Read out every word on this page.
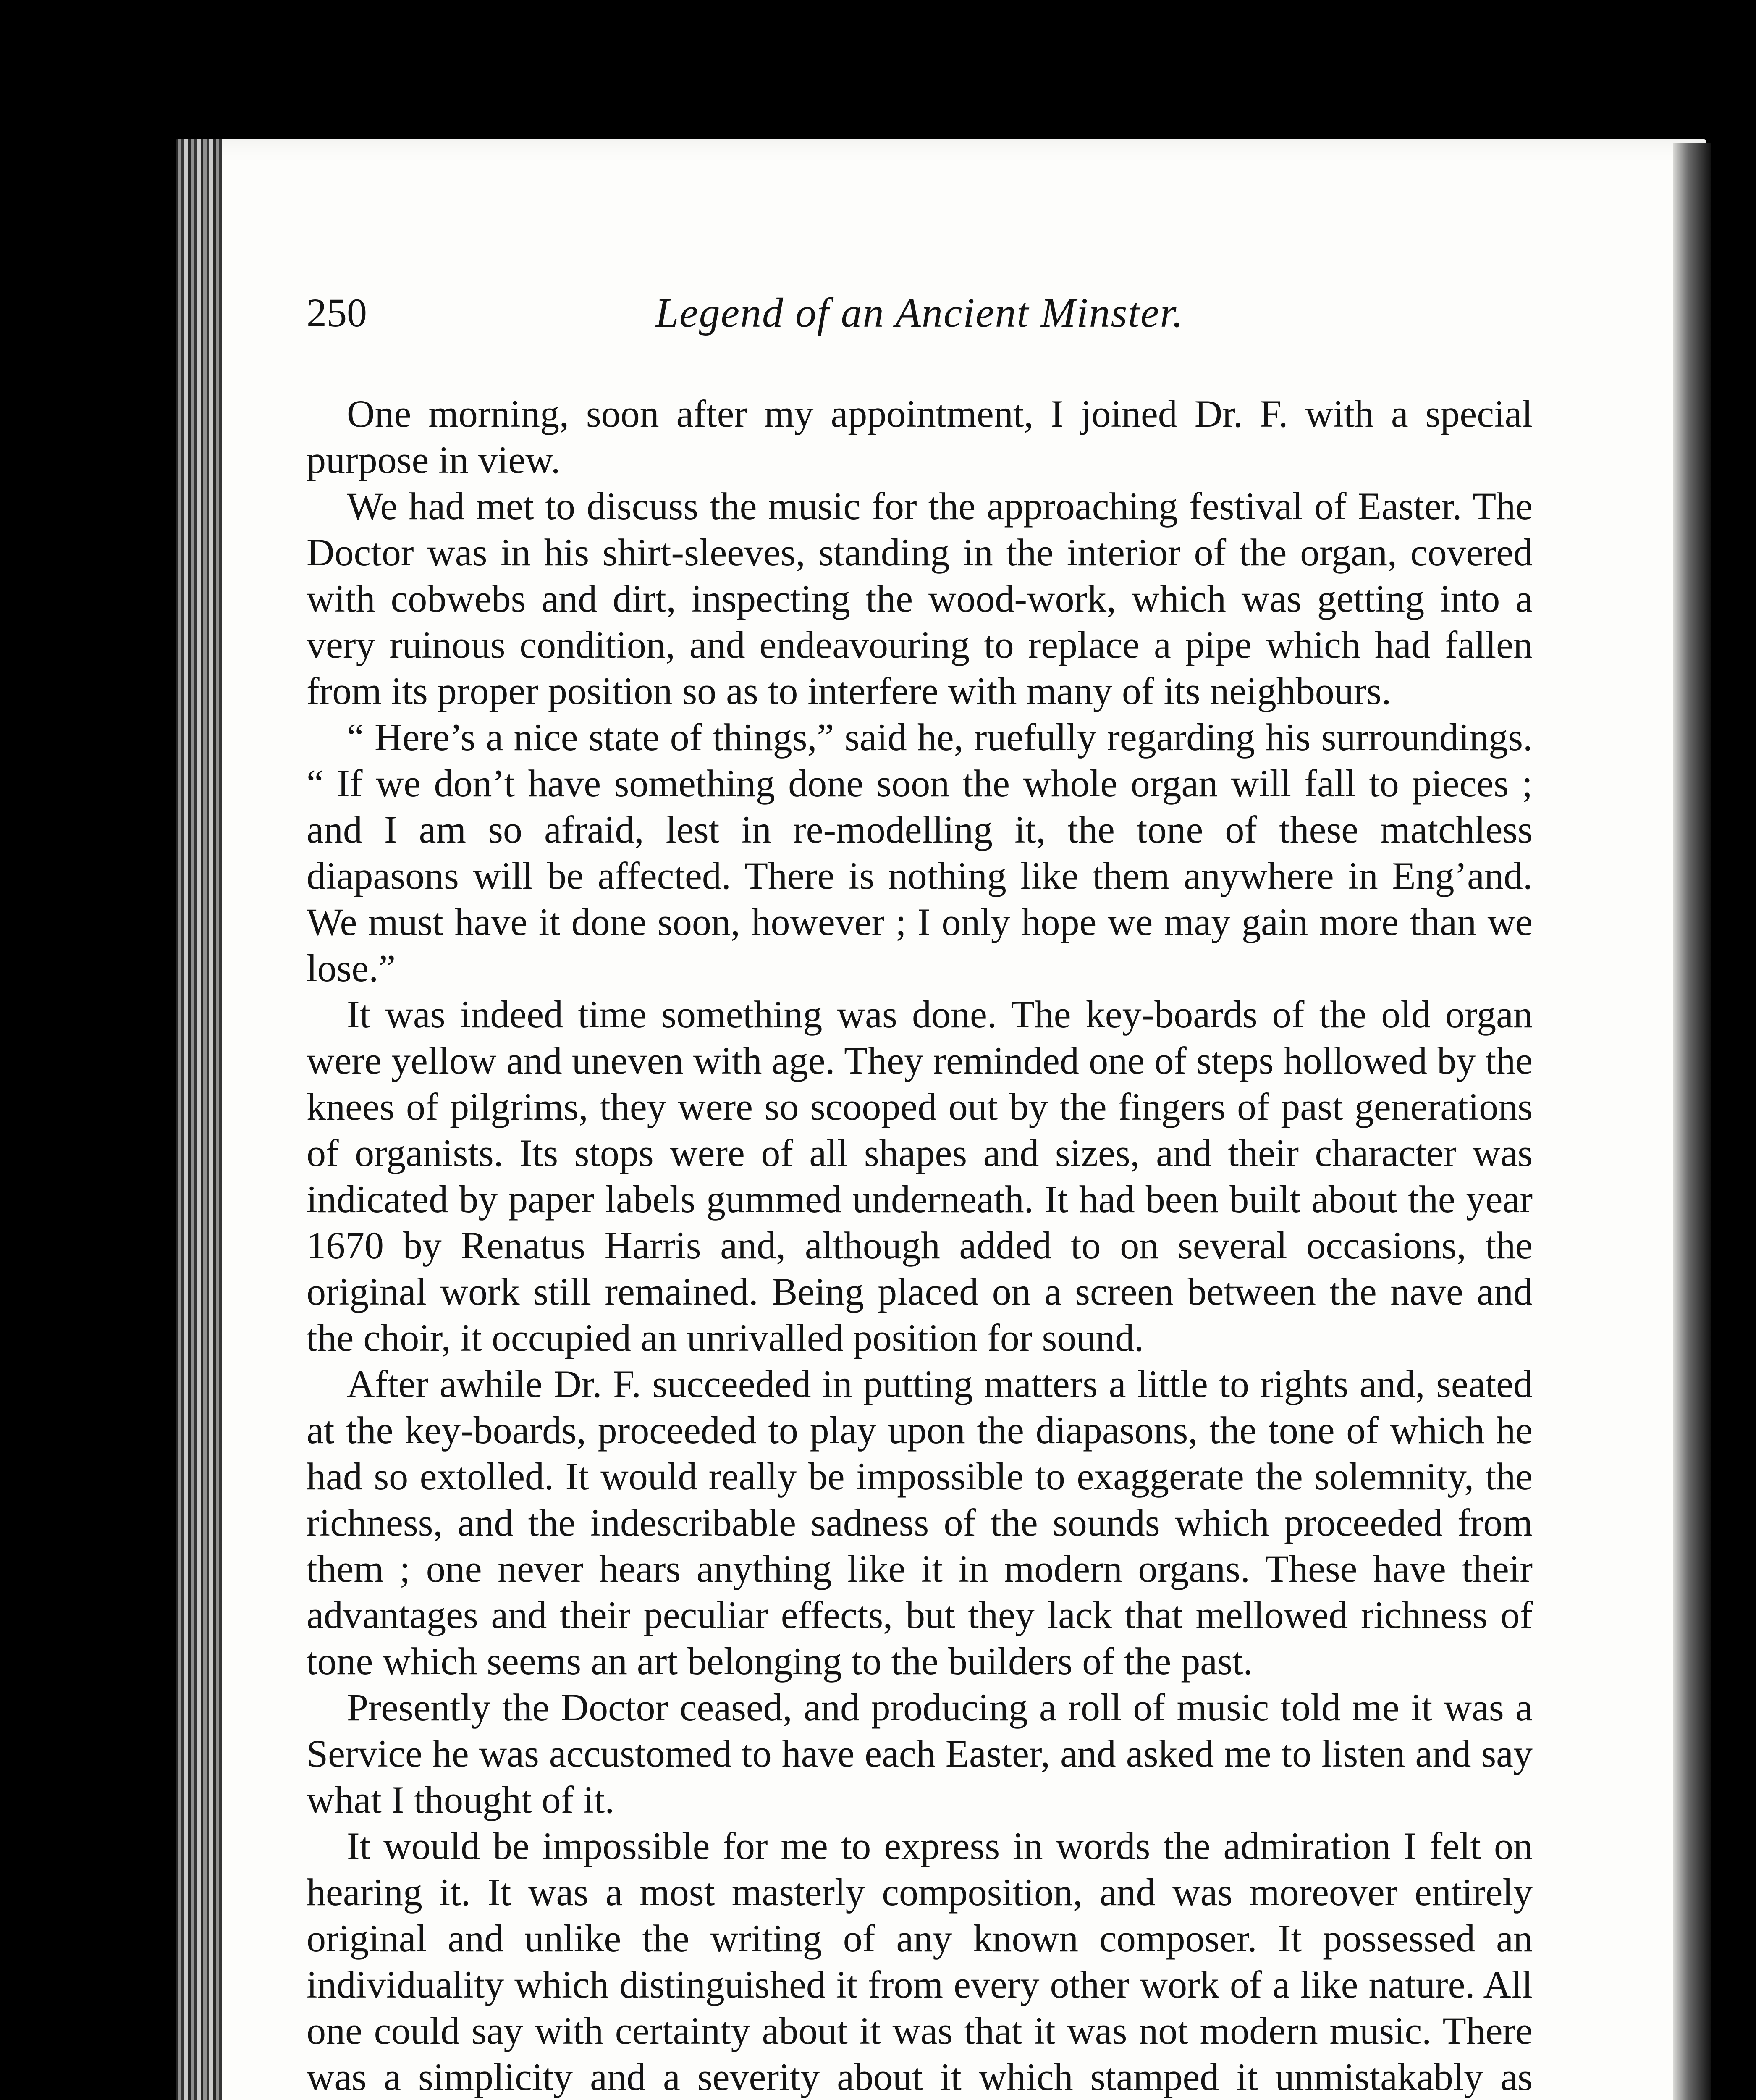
250	Legend of an Ancient Minster.

One morning, soon after my appointment, I joined Dr. F. with a special purpose in view.

We had met to discuss the music for the approaching festival of Easter. The Doctor was in his shirt-sleeves, standing in the interior of the organ, covered with cobwebs and dirt, inspecting the wood-work, which was getting into a very ruinous condition, and endeavouring to replace a pipe which had fallen from its proper position so as to interfere with many of its neighbours.

“ Here’s a nice state of things,” said he, ruefully regarding his surroundings. “ If we don’t have something done soon the whole organ will fall to pieces ; and I am so afraid, lest in re-modelling it, the tone of these matchless diapasons will be affected. There is nothing like them anywhere in Eng’and. We must have it done soon, however ; I only hope we may gain more than we lose.”

It was indeed time something was done. The key-boards of the old organ were yellow and uneven with age. They reminded one of steps hollowed by the knees of pilgrims, they were so scooped out by the fingers of past generations of organists. Its stops were of all shapes and sizes, and their character was indicated by paper labels gummed underneath. It had been built about the year 1670 by Renatus Harris and, although added to on several occasions, the original work still remained. Being placed on a screen between the nave and the choir, it occupied an unrivalled position for sound.

After awhile Dr. F. succeeded in putting matters a little to rights and, seated at the key-boards, proceeded to play upon the diapasons, the tone of which he had so extolled. It would really be impossible to exaggerate the solemnity, the richness, and the indescribable sadness of the sounds which proceeded from them ; one never hears anything like it in modern organs. These have their advantages and their peculiar effects, but they lack that mellowed richness of tone which seems an art belonging to the builders of the past.

Presently the Doctor ceased, and producing a roll of music told me it was a Service he was accustomed to have each Easter, and asked me to listen and say what I thought of it.

It would be impossible for me to express in words the admiration I felt on hearing it. It was a most masterly composition, and was moreover entirely original and unlike the writing of any known composer. It possessed an individuality which distinguished it from every other work of a like nature. All one could say with certainty about it was that it was not modern music. There was a simplicity and a severity about it which stamped it unmistakably as
